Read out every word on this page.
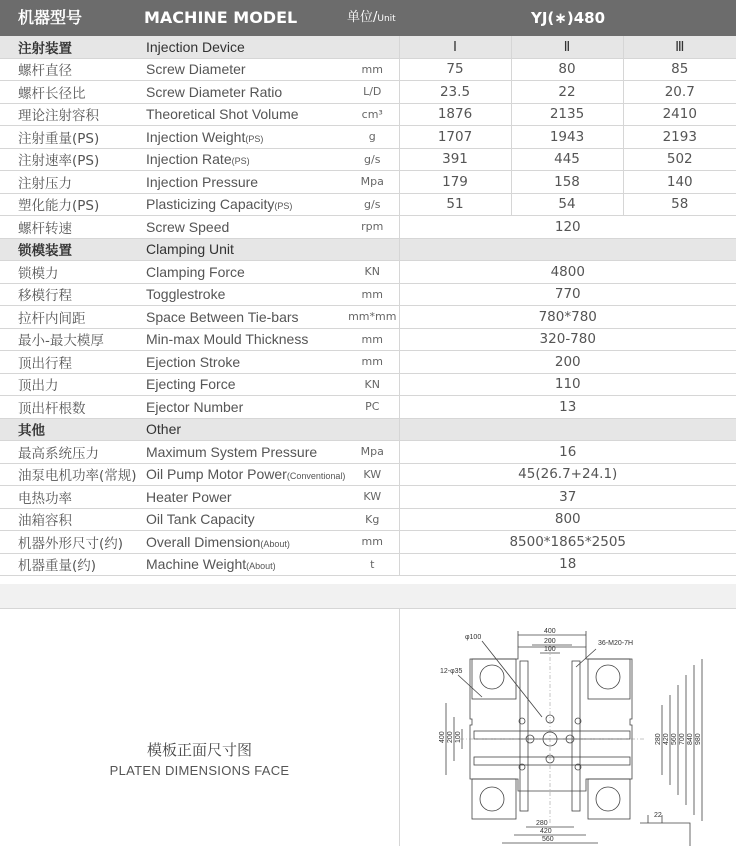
机器型号	MACHINE MODEL	单位/Unit	YJ(∗)480
注射装置	Injection Device		Ⅰ	Ⅱ	Ⅲ
螺杆直径	Screw Diameter	mm	75	80	85
螺杆长径比	Screw Diameter Ratio	L/D	23.5	22	20.7
理论注射容积	Theoretical Shot Volume	cm³	1876	2135	2410
注射重量(PS)	Injection Weight(PS)	g	1707	1943	2193
注射速率(PS)	Injection Rate(PS)	g/s	391	445	502
注射压力	Injection Pressure	Mpa	179	158	140
塑化能力(PS)	Plasticizing Capacity(PS)	g/s	51	54	58
螺杆转速	Screw Speed	rpm	120		
锁模装置	Clamping Unit				
锁模力	Clamping Force	KN	4800		
移模行程	Togglestroke	mm	770		
拉杆内间距	Space Between Tie-bars	mm*mm	780*780		
最小-最大模厚	Min-max Mould Thickness	mm	320-780		
顶出行程	Ejection Stroke	mm	200		
顶出力	Ejecting Force	KN	110		
顶出杆根数	Ejector Number	PC	13		
其他	Other				
最高系统压力	Maximum System Pressure	Mpa	16		
油泵电机功率(常规)	Oil Pump Motor Power(Conventional)	KW	45(26.7+24.1)		
电热功率	Heater Power	KW	37		
油箱容积	Oil Tank Capacity	Kg	800		
机器外形尺寸(约)	Overall Dimension(About)	mm	8500*1865*2505		
机器重量(约)	Machine Weight(About)	t	18		
模板正面尺寸图
PLATEN DIMENSIONS FACE
φ100
12-φ35
36-M20-7H
400
200
100
280
420
560
22
400 200 100	280 420 560 700 840 980
